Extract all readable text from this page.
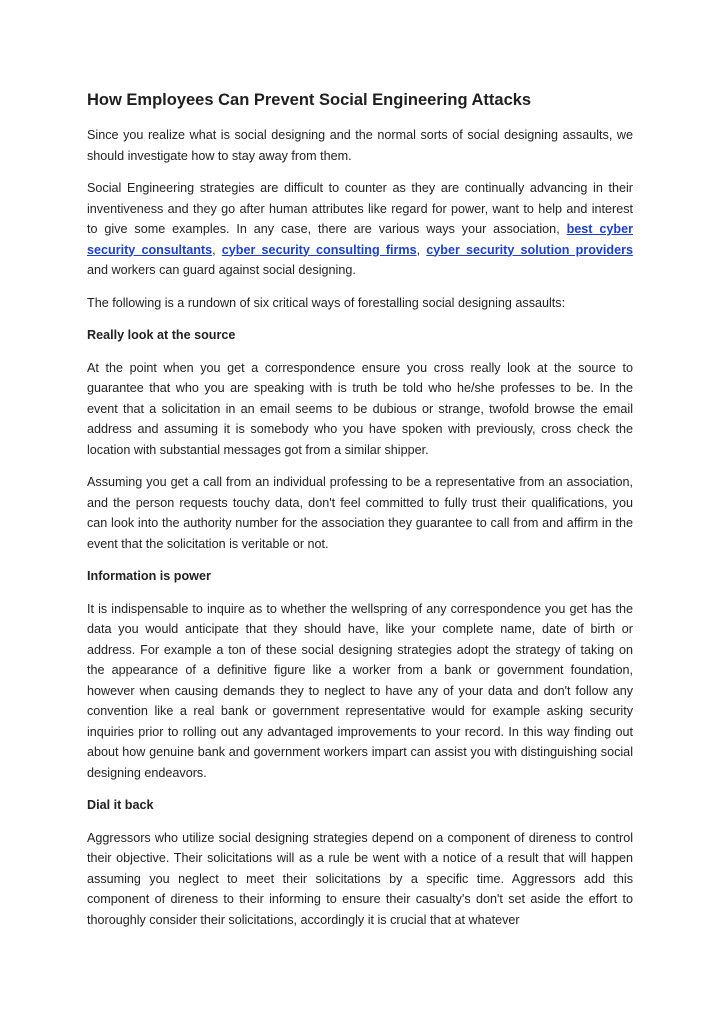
How Employees Can Prevent Social Engineering Attacks

Since you realize what is social designing and the normal sorts of social designing assaults, we should investigate how to stay away from them.

Social Engineering strategies are difficult to counter as they are continually advancing in their inventiveness and they go after human attributes like regard for power, want to help and interest to give some examples. In any case, there are various ways your association, best cyber security consultants, cyber security consulting firms, cyber security solution providers and workers can guard against social designing.

The following is a rundown of six critical ways of forestalling social designing assaults:

Really look at the source

At the point when you get a correspondence ensure you cross really look at the source to guarantee that who you are speaking with is truth be told who he/she professes to be. In the event that a solicitation in an email seems to be dubious or strange, twofold browse the email address and assuming it is somebody who you have spoken with previously, cross check the location with substantial messages got from a similar shipper.

Assuming you get a call from an individual professing to be a representative from an association, and the person requests touchy data, don't feel committed to fully trust their qualifications, you can look into the authority number for the association they guarantee to call from and affirm in the event that the solicitation is veritable or not.

Information is power

It is indispensable to inquire as to whether the wellspring of any correspondence you get has the data you would anticipate that they should have, like your complete name, date of birth or address. For example a ton of these social designing strategies adopt the strategy of taking on the appearance of a definitive figure like a worker from a bank or government foundation, however when causing demands they to neglect to have any of your data and don't follow any convention like a real bank or government representative would for example asking security inquiries prior to rolling out any advantaged improvements to your record. In this way finding out about how genuine bank and government workers impart can assist you with distinguishing social designing endeavors.

Dial it back

Aggressors who utilize social designing strategies depend on a component of direness to control their objective. Their solicitations will as a rule be went with a notice of a result that will happen assuming you neglect to meet their solicitations by a specific time. Aggressors add this component of direness to their informing to ensure their casualty's don't set aside the effort to thoroughly consider their solicitations, accordingly it is crucial that at whatever
